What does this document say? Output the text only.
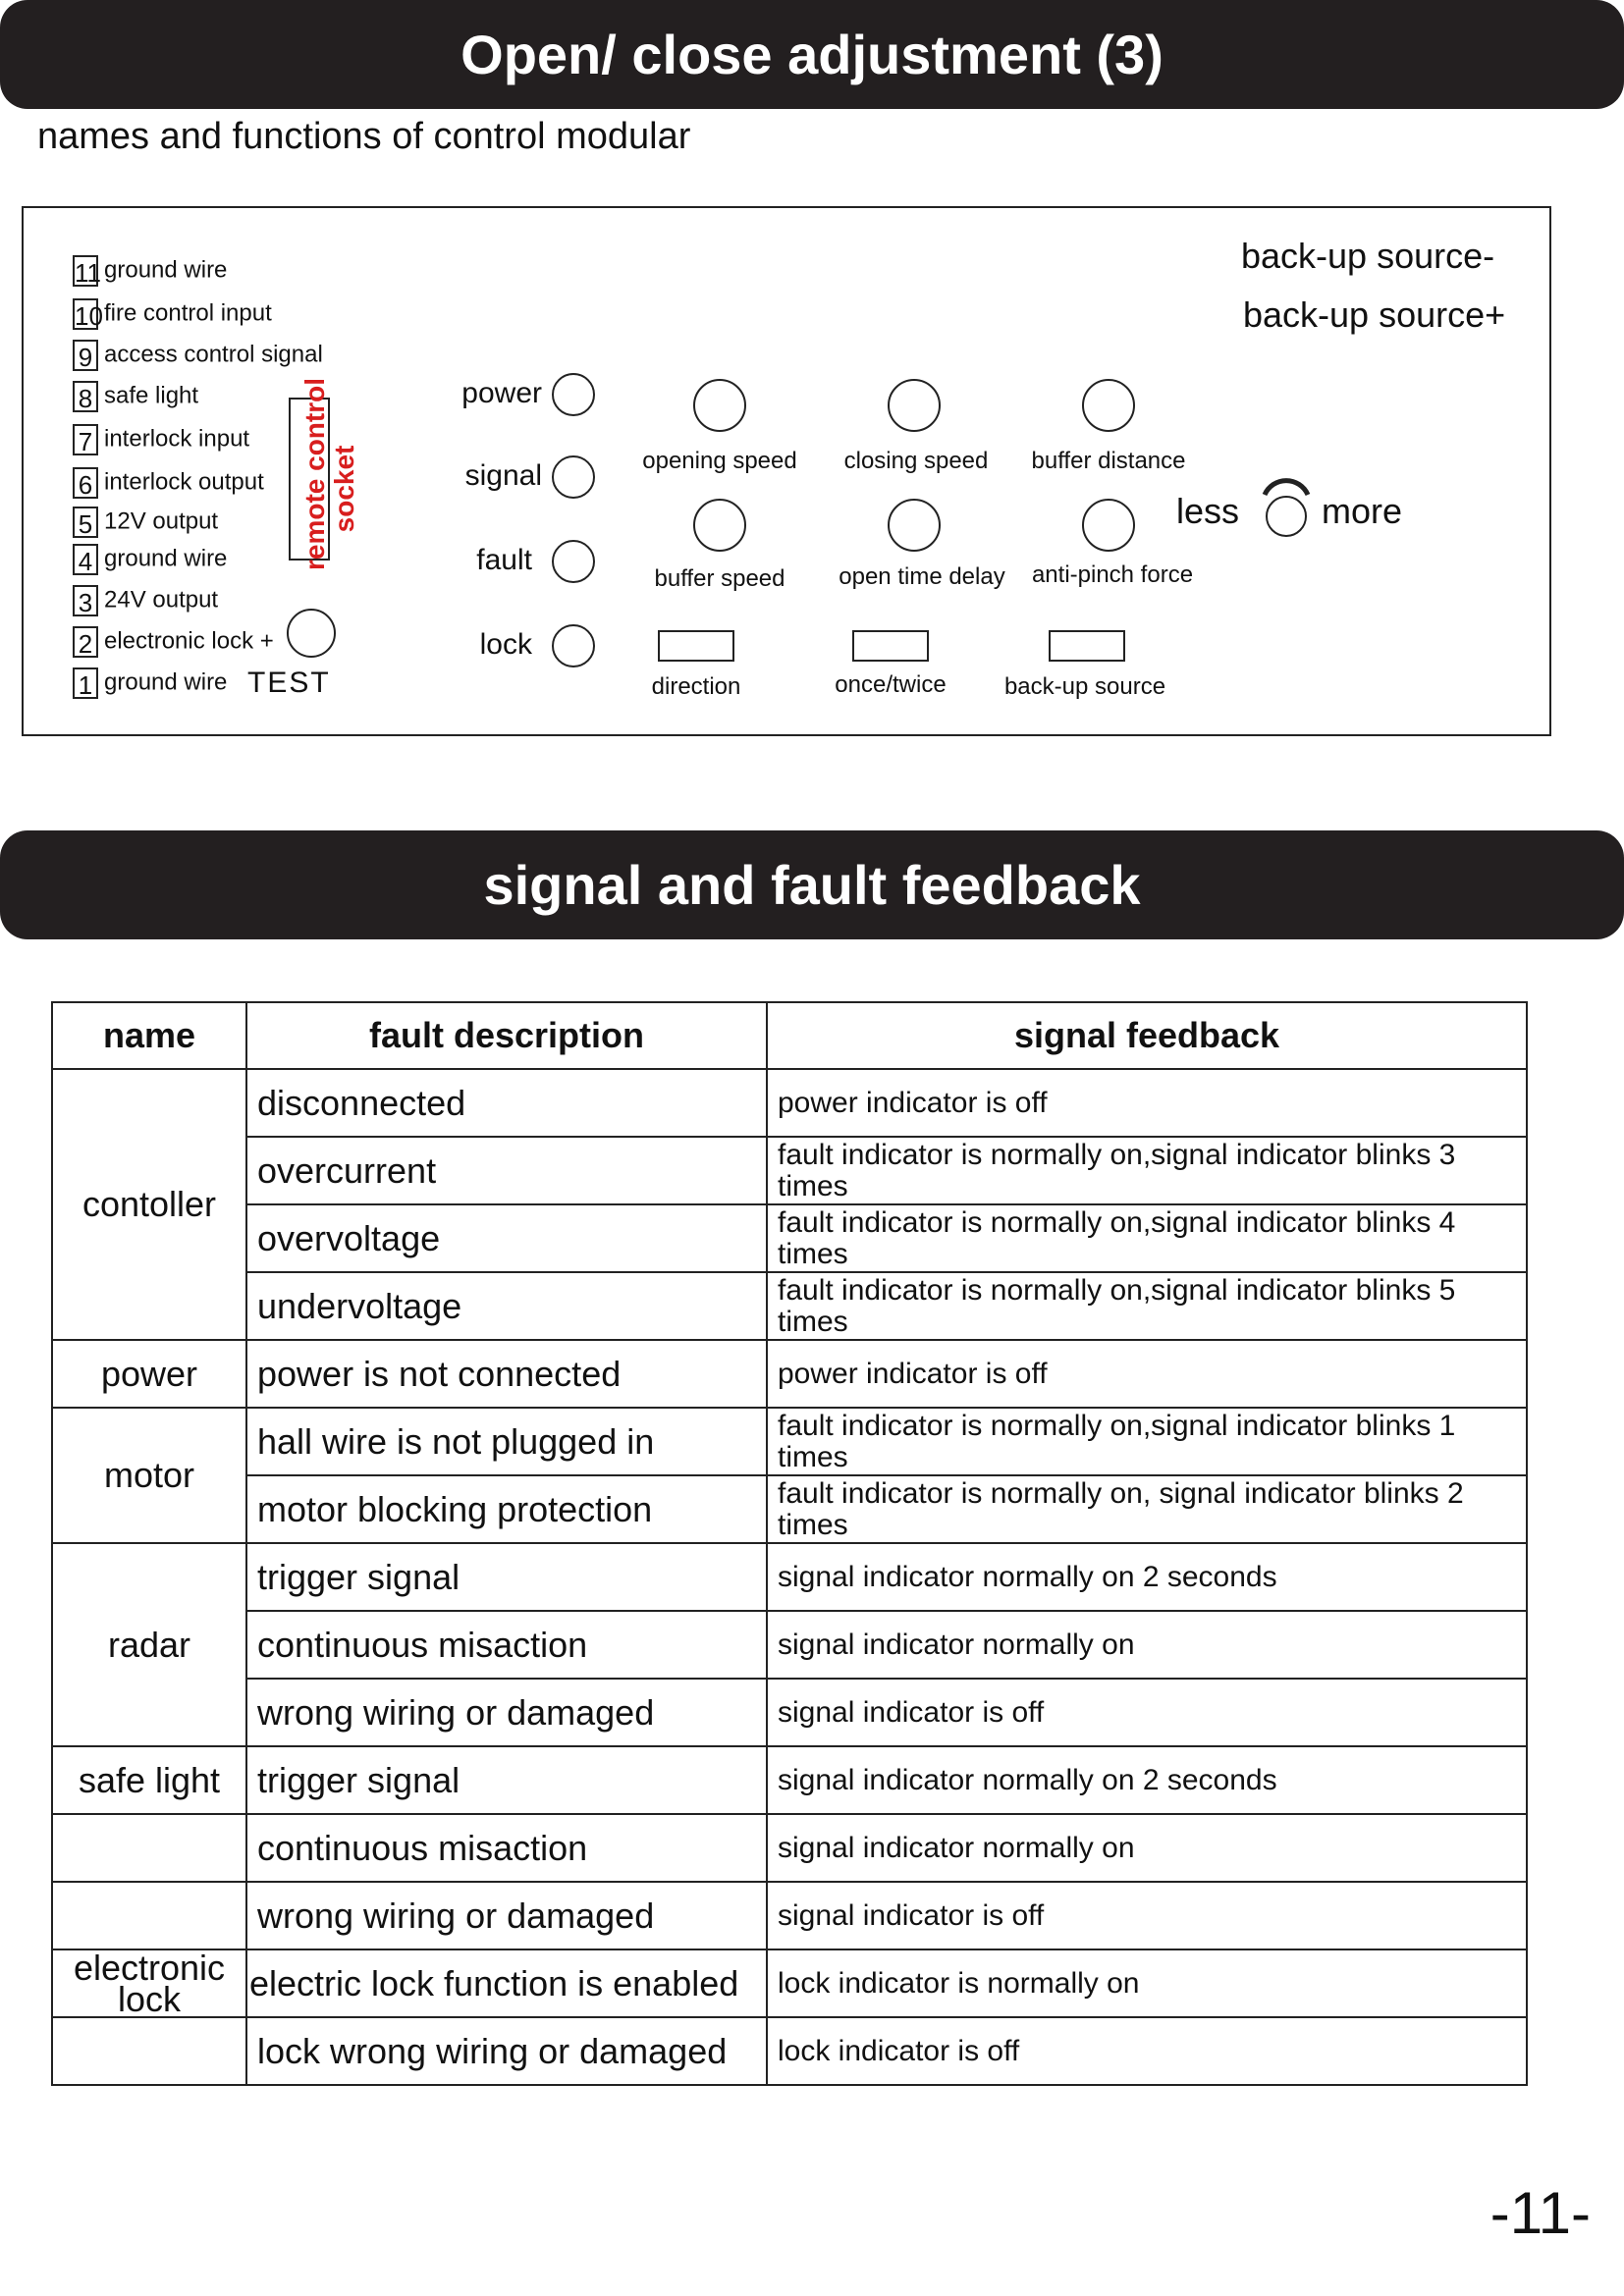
Open/ close adjustment (3)
names and functions of control modular
11 ground wire
10fire control input
9 access control signal
8 safe light
7 interlock input
6 interlock output
5 12V output
4 ground wire
3 24V output
2 electronic lock +
1 ground wire TEST
remote control socket
power
signal
fault
lock
opening speed	closing speed	buffer distance
buffer speed	open time delay	anti-pinch force
direction	once/twice	back-up source
back-up source-
back-up source+
less more
signal and fault feedback
name	fault description	signal feedback
contoller	disconnected	power indicator is off
	overcurrent	fault indicator is normally on,signal indicator blinks 3 times
	overvoltage	fault indicator is normally on,signal indicator blinks 4 times
	undervoltage	fault indicator is normally on,signal indicator blinks 5 times
power	power is not connected	power indicator is off
motor	hall wire is not plugged in	fault indicator is normally on,signal indicator blinks 1 times
	motor blocking protection	fault indicator is normally on, signal indicator blinks 2 times
radar	trigger signal	signal indicator normally on 2 seconds
	continuous misaction	signal indicator normally on
	wrong wiring or damaged	signal indicator is off
safe light	trigger signal	signal indicator normally on 2 seconds
	continuous misaction	signal indicator normally on
	wrong wiring or damaged	signal indicator is off
electronic lock	electric lock function is enabled	lock indicator is normally on
	lock wrong wiring or damaged	lock indicator is off
-11-
